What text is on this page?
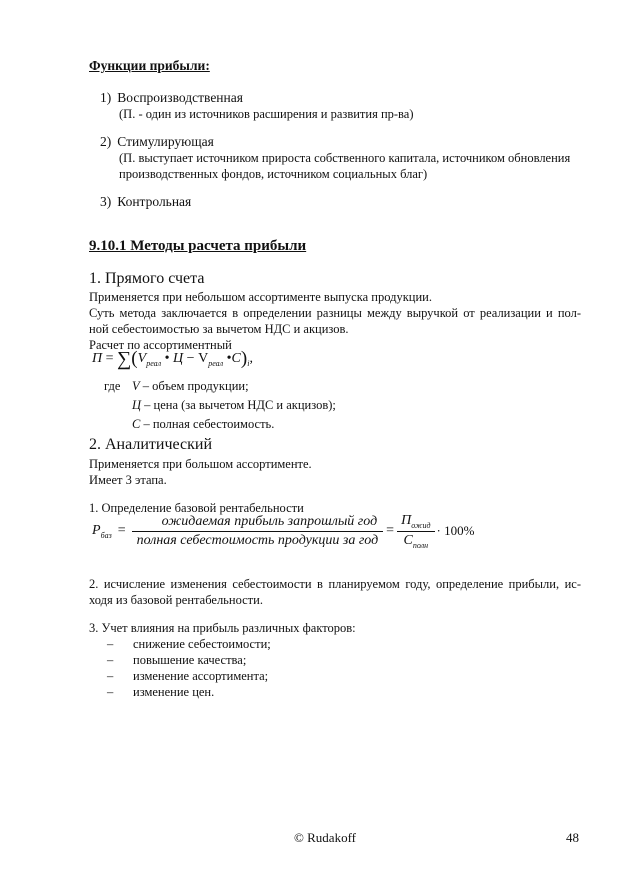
Функции прибыли:
1) Воспроизводственная
(П. - один из источников расширения и развития пр-ва)
2) Стимулирующая
(П. выступает источником прироста собственного капитала, источником обновления
производственных фондов, источником социальных благ)
3) Контрольная
9.10.1 Методы расчета прибыли
1. Прямого счета
Применяется при небольшом ассортименте выпуска продукции.
Суть метода заключается в определении разницы между выручкой от реализации и пол-
ной себестоимостью за вычетом НДС и акцизов.
Расчет по ассортиментный
$П = \sum(V_{реал}$ • $Ц - V_{реал}$ $•С)_i$,
где V – объем продукции;
Ц – цена (за вычетом НДС и акцизов);
С – полная себестоимость.
2. Аналитический
Применяется при большом ассортименте.
Имеет 3 этапа.
1. Определение базовой рентабельности
$P_{баз} = \frac{\text{ожидаемая прибыль запрошлый год}}{\text{полная себестоимость продукции за год}} = \frac{П_{ожид}}{С_{полн}} \cdot 100\%$
2. исчисление изменения себестоимости в планируемом году, определение прибыли, ис-
ходя из базовой рентабельности.
3. Учет влияния на прибыль различных факторов:
– снижение себестоимости;
– повышение качества;
– изменение ассортимента;
– изменение цен.
© Rudakoff	48
